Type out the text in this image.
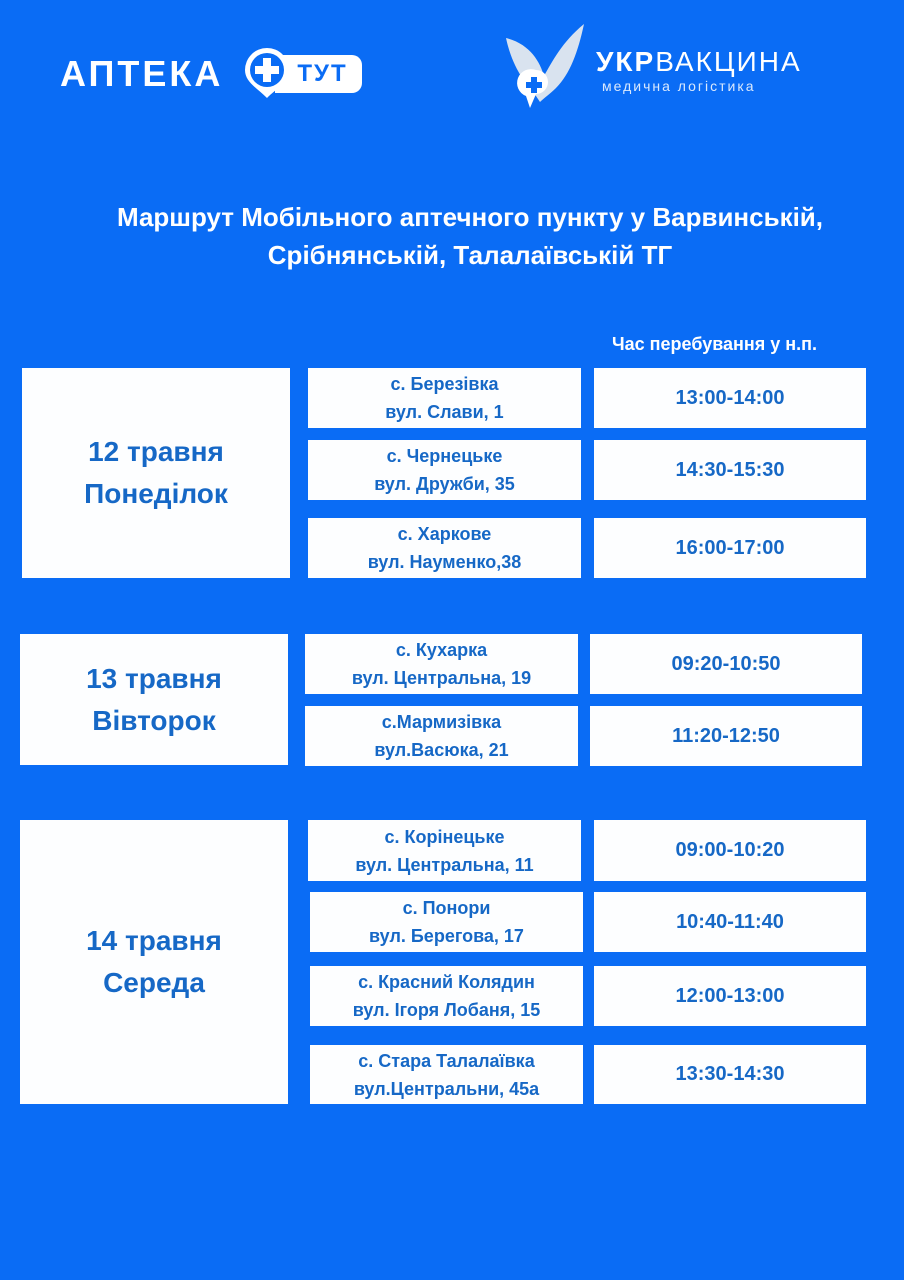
АПТЕКА	ТУТ	УКРВАКЦИНА
медична логістика
Маршрут Мобільного аптечного пункту у Варвинській,
Срібнянській, Талалаївській ТГ
Час перебування у н.п.
12 травня
Понеділок
с. Березівка
вул. Слави, 1
13:00-14:00
с. Чернецьке
вул. Дружби, 35
14:30-15:30
с. Харкове
вул. Науменко,38
16:00-17:00
13 травня
Вівторок
с. Кухарка
вул. Центральна, 19
09:20-10:50
с.Мармизівка
вул.Васюка, 21
11:20-12:50
14 травня
Середа
с. Корінецьке
вул. Центральна, 11
09:00-10:20
с. Понори
вул. Берегова, 17
10:40-11:40
с. Красний Колядин
вул. Ігоря Лобаня, 15
12:00-13:00
с. Стара Талалаївка
вул.Центральни, 45а
13:30-14:30
